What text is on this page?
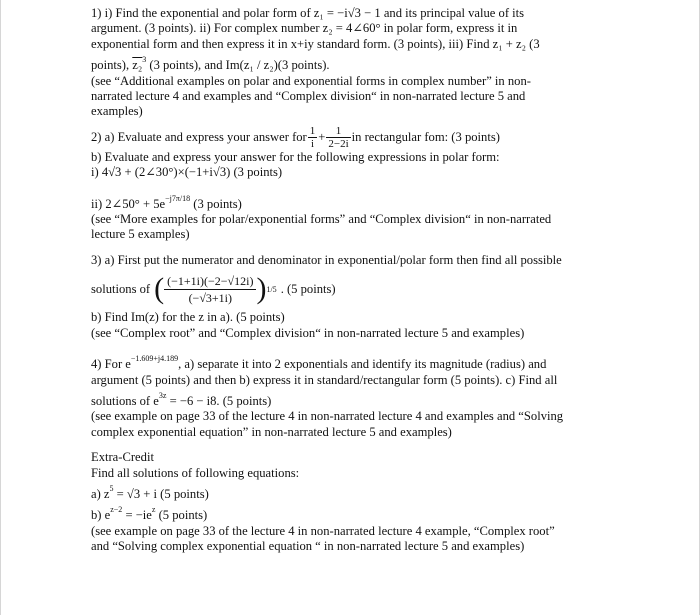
1) i) Find the exponential and polar form of z₁ = −i√3 − 1 and its principal value of its
argument. (3 points). ii) For complex number z₂ = 4∠60° in polar form, express it in
exponential form and then express it in x+iy standard form. (3 points), iii) Find z₁ + z₂ (3
points), z₂$^3$ (3 points), and Im(z₁ / z₂)(3 points).
(see “Additional examples on polar and exponential forms in complex number” in non-
narrated lecture 4 and examples and “Complex division“ in non-narrated lecture 5 and
examples)
2) a) Evaluate and express your answer for $\frac{1}{i} + \frac{1}{2-2i}$ in rectangular fom: (3 points)
b) Evaluate and express your answer for the following expressions in polar form:
i) 4√3 + (2∠30°)×(−1+i√3) (3 points)
ii) 2∠50° + $5e^{-j7\pi/18}$ (3 points)
(see “More examples for polar/exponential forms” and “Complex division“ in non-narrated
lecture 5 examples)
3) a) First put the numerator and denominator in exponential/polar form then find all possible
solutions of ( $\frac{(-1+1i)(-2-√12i)}{(-√3+1i)}$ ) 1/5 . (5 points)
b) Find Im(z) for the z in a). (5 points)
(see “Complex root” and “Complex division“ in non-narrated lecture 5 and examples)
4) For $e^{-1.609+j4.189}$, a) separate it into 2 exponentials and identify its magnitude (radius) and
argument (5 points) and then b) express it in standard/rectangular form (5 points). c) Find all
solutions of $e^{3z} = -6 - i8$. (5 points)
(see example on page 33 of the lecture 4 in non-narrated lecture 4 and examples and “Solving
complex exponential equation” in non-narrated lecture 5 and examples)
Extra-Credit
Find all solutions of following equations:
a) $z^5 = √3 + i$ (5 points)
b) $e^{z-2} = -ie^z$ (5 points)
(see example on page 33 of the lecture 4 in non-narrated lecture 4 example, “Complex root”
and “Solving complex exponential equation “ in non-narrated lecture 5 and examples)
